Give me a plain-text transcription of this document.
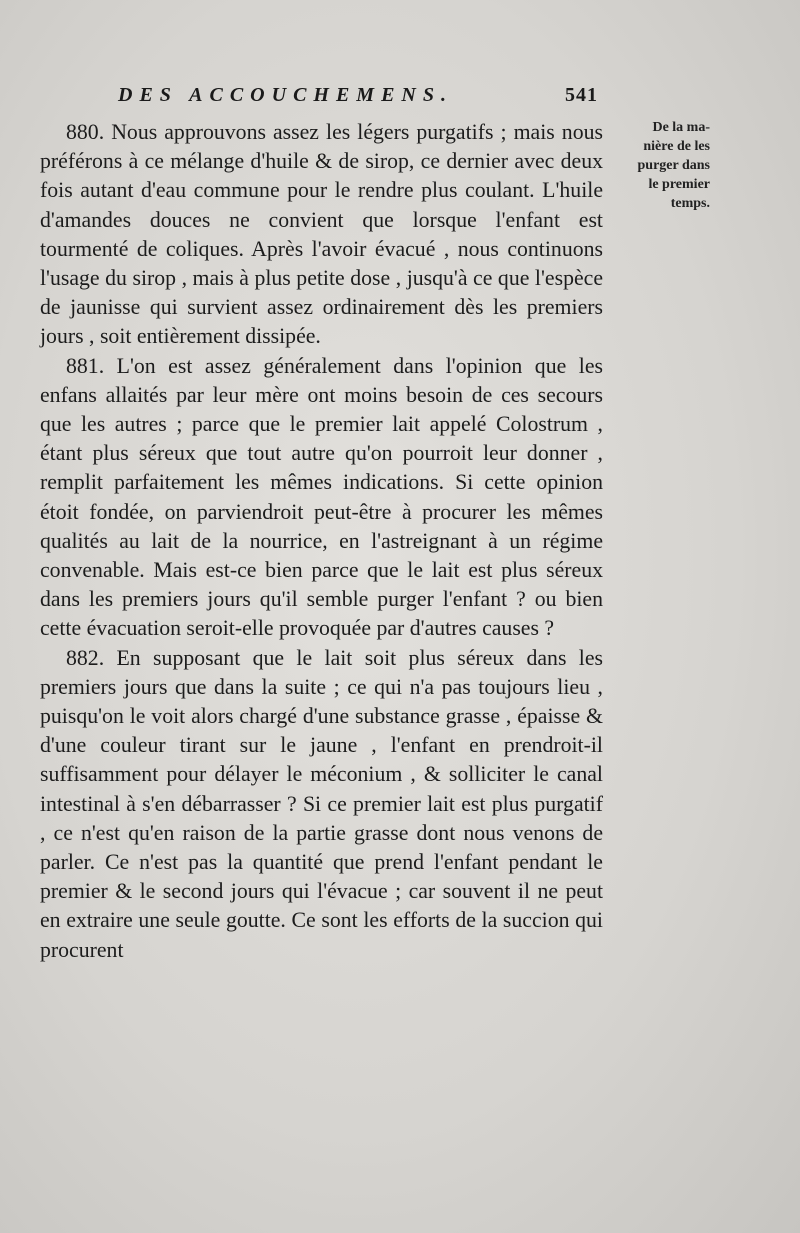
DES ACCOUCHEMENS.	541
De la ma-
nière de les
purger dans
le premier
temps.

880. Nous approuvons assez les légers purgatifs ; mais nous préférons à ce mélange d'huile & de sirop, ce dernier avec deux fois autant d'eau commune pour le rendre plus coulant. L'huile d'amandes douces ne convient que lorsque l'enfant est tourmenté de coliques. Après l'avoir évacué , nous continuons l'usage du sirop , mais à plus petite dose , jusqu'à ce que l'espèce de jaunisse qui survient assez ordinairement dès les premiers jours , soit entièrement dissipée.

881. L'on est assez généralement dans l'opinion que les enfans allaités par leur mère ont moins besoin de ces secours que les autres ; parce que le premier lait appelé Colostrum , étant plus séreux que tout autre qu'on pourroit leur donner , remplit parfaitement les mêmes indications. Si cette opinion étoit fondée, on parviendroit peut-être à procurer les mêmes qualités au lait de la nourrice, en l'astreignant à un régime convenable. Mais est-ce bien parce que le lait est plus séreux dans les premiers jours qu'il semble purger l'enfant ? ou bien cette évacuation seroit-elle provoquée par d'autres causes ?

882. En supposant que le lait soit plus séreux dans les premiers jours que dans la suite ; ce qui n'a pas toujours lieu , puisqu'on le voit alors chargé d'une substance grasse , épaisse & d'une couleur tirant sur le jaune , l'enfant en prendroit-il suffisamment pour délayer le méconium , & solliciter le canal intestinal à s'en débarrasser ? Si ce premier lait est plus purgatif , ce n'est qu'en raison de la partie grasse dont nous venons de parler. Ce n'est pas la quantité que prend l'enfant pendant le premier & le second jours qui l'évacue ; car souvent il ne peut en extraire une seule goutte. Ce sont les efforts de la succion qui procurent
